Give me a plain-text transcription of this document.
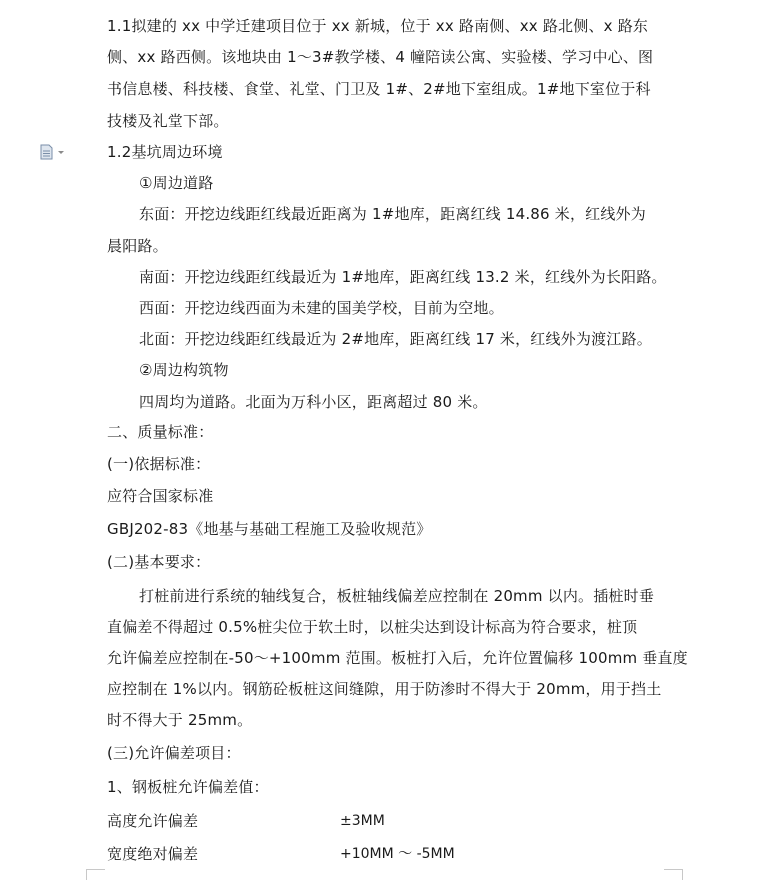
1.1拟建的 xx 中学迁建项目位于 xx 新城，位于 xx 路南侧、xx 路北侧、x 路东
侧、xx 路西侧。该地块由 1～3#教学楼、4 幢陪读公寓、实验楼、学习中心、图
书信息楼、科技楼、食堂、礼堂、门卫及 1#、2#地下室组成。1#地下室位于科
技楼及礼堂下部。
1.2基坑周边环境
①周边道路
东面：开挖边线距红线最近距离为 1#地库，距离红线 14.86 米，红线外为
晨阳路。
南面：开挖边线距红线最近为 1#地库，距离红线 13.2 米，红线外为长阳路。
西面：开挖边线西面为未建的国美学校，目前为空地。
北面：开挖边线距红线最近为 2#地库，距离红线 17 米，红线外为渡江路。
②周边构筑物
四周均为道路。北面为万科小区，距离超过 80 米。
二、质量标准：
(一)依据标准：
应符合国家标准
GBJ202-83《地基与基础工程施工及验收规范》
(二)基本要求：
打桩前进行系统的轴线复合，板桩轴线偏差应控制在 20mm 以内。插桩时垂
直偏差不得超过 0.5%桩尖位于软土时，以桩尖达到设计标高为符合要求，桩顶
允许偏差应控制在-50～+100mm 范围。板桩打入后，允许位置偏移 100mm 垂直度
应控制在 1%以内。钢筋砼板桩这间缝隙，用于防渗时不得大于 20mm，用于挡土
时不得大于 25mm。
(三)允许偏差项目：
1、钢板桩允许偏差值：
高度允许偏差	±3MM
宽度绝对偏差	+10MM ～ -5MM
